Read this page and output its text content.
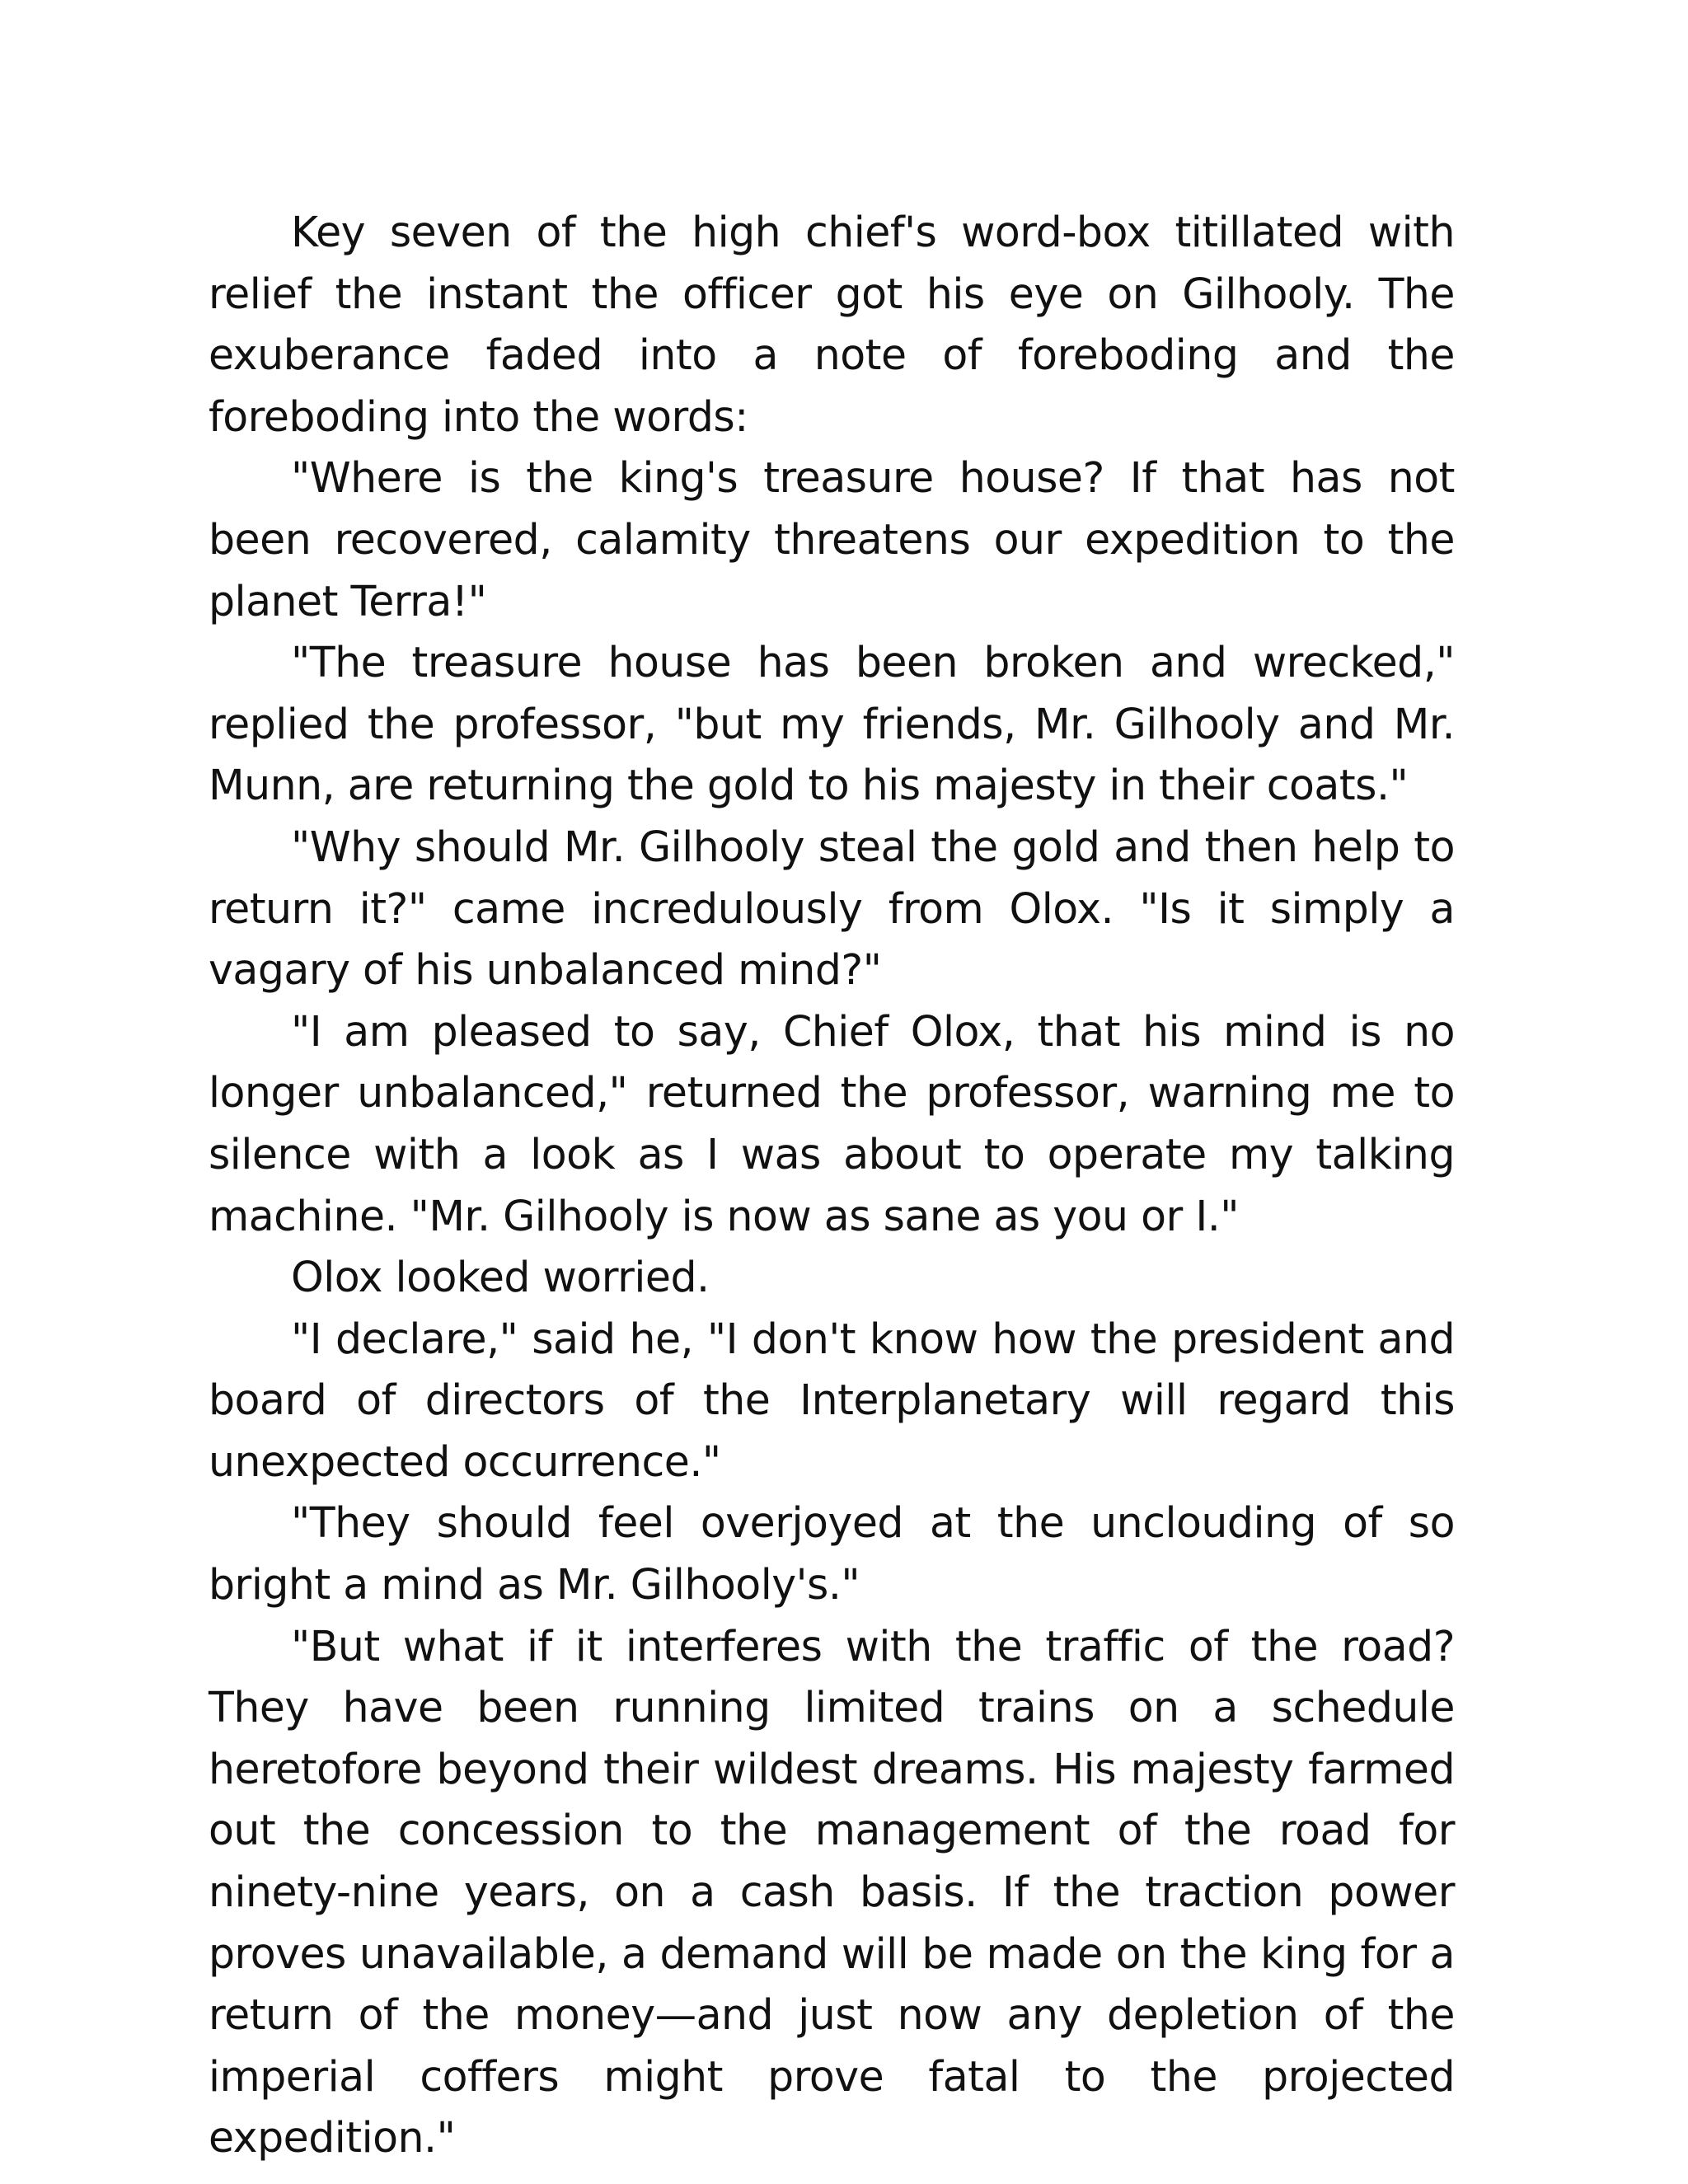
Key seven of the high chief's word-box titillated with relief the instant the officer got his eye on Gilhooly. The exuberance faded into a note of foreboding and the foreboding into the words:

"Where is the king's treasure house? If that has not been recovered, calamity threatens our expedition to the planet Terra!"

"The treasure house has been broken and wrecked," replied the professor, "but my friends, Mr. Gilhooly and Mr. Munn, are returning the gold to his majesty in their coats."

"Why should Mr. Gilhooly steal the gold and then help to return it?" came incredulously from Olox. "Is it simply a vagary of his unbalanced mind?"

"I am pleased to say, Chief Olox, that his mind is no longer unbalanced," returned the professor, warning me to silence with a look as I was about to operate my talking machine. "Mr. Gilhooly is now as sane as you or I."

Olox looked worried.

"I declare," said he, "I don't know how the president and board of directors of the Interplanetary will regard this unexpected occurrence."

"They should feel overjoyed at the unclouding of so bright a mind as Mr. Gilhooly's."

"But what if it interferes with the traffic of the road? They have been running limited trains on a schedule heretofore beyond their wildest dreams. His majesty farmed out the concession to the management of the road for ninety-nine years, on a cash basis. If the traction power proves unavailable, a demand will be made on the king for a return of the money—and just now any depletion of the imperial coffers might prove fatal to the projected expedition."
